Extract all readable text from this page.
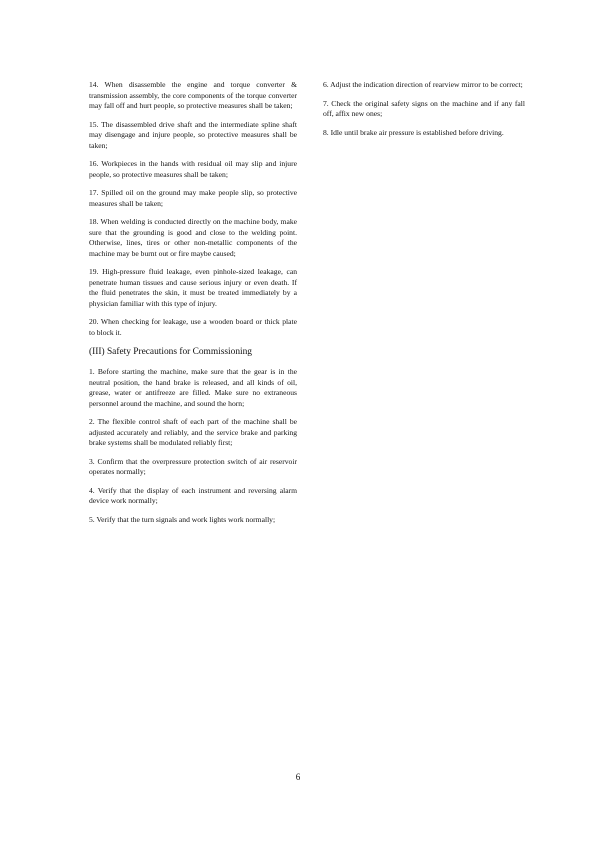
14. When disassemble the engine and torque converter & transmission assembly, the core components of the torque converter may fall off and hurt people, so protective measures shall be taken;

15. The disassembled drive shaft and the intermediate spline shaft may disengage and injure people, so protective measures shall be taken;

16. Workpieces in the hands with residual oil may slip and injure people, so protective measures shall be taken;

17. Spilled oil on the ground may make people slip, so protective measures shall be taken;

18. When welding is conducted directly on the machine body, make sure that the grounding is good and close to the welding point. Otherwise, lines, tires or other non-metallic components of the machine may be burnt out or fire maybe caused;

19. High-pressure fluid leakage, even pinhole-sized leakage, can penetrate human tissues and cause serious injury or even death. If the fluid penetrates the skin, it must be treated immediately by a physician familiar with this type of injury.

20. When checking for leakage, use a wooden board or thick plate to block it.

(III) Safety Precautions for Commissioning

1. Before starting the machine, make sure that the gear is in the neutral position, the hand brake is released, and all kinds of oil, grease, water or antifreeze are filled. Make sure no extraneous personnel around the machine, and sound the horn;

2. The flexible control shaft of each part of the machine shall be adjusted accurately and reliably, and the service brake and parking brake systems shall be modulated reliably first;

3. Confirm that the overpressure protection switch of air reservoir operates normally;

4. Verify that the display of each instrument and reversing alarm device work normally;

5. Verify that the turn signals and work lights work normally;

6. Adjust the indication direction of rearview mirror to be correct;

7. Check the original safety signs on the machine and if any fall off, affix new ones;

8. Idle until brake air pressure is established before driving.

6
